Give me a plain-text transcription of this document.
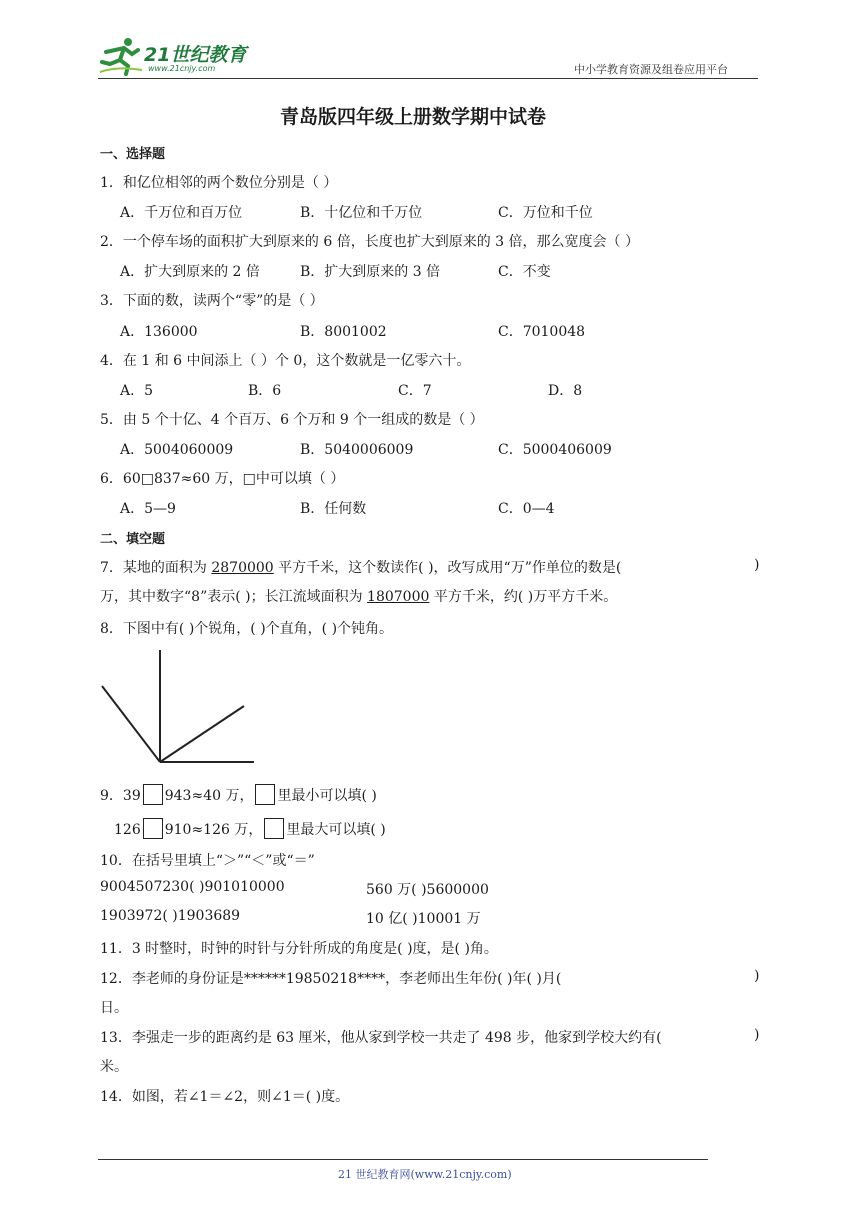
21世纪教育
www.21cnjy.com	中小学教育资源及组卷应用平台
青岛版四年级上册数学期中试卷
一、选择题
1．和亿位相邻的两个数位分别是（ ）
A．千万位和百万位	B．十亿位和千万位	C．万位和千位
2．一个停车场的面积扩大到原来的 6 倍，长度也扩大到原来的 3 倍，那么宽度会（ ）
A．扩大到原来的 2 倍	B．扩大到原来的 3 倍	C．不变
3．下面的数，读两个“零”的是（ ）
A．136000	B．8001002	C．7010048
4．在 1 和 6 中间添上（ ）个 0，这个数就是一亿零六十。
A．5	B．6	C．7	D．8
5．由 5 个十亿、4 个百万、6 个万和 9 个一组成的数是（ ）
A．5004060009	B．5040006009	C．5000406009
6．60□837≈60 万，□中可以填（ ）
A．5—9	B．任何数	C．0—4
二、填空题
7．某地的面积为 2870000 平方千米，这个数读作( )，改写成用“万”作单位的数是(	)
万，其中数字“8”表示( )；长江流域面积为 1807000 平方千米，约( )万平方千米。
8．下图中有( )个锐角，( )个直角，( )个钝角。
9．39 943≈40 万， 里最小可以填( )
126 910≈126 万， 里最大可以填( )
10．在括号里填上“＞”“＜”或“＝”
9004507230( )901010000	560 万( )5600000
1903972( )1903689	10 亿( )10001 万
11．3 时整时，时钟的时针与分针所成的角度是( )度，是( )角。
12．李老师的身份证是******19850218****，李老师出生年份( )年( )月(	)
日。
13．李强走一步的距离约是 63 厘米，他从家到学校一共走了 498 步，他家到学校大约有(	)
米。
14．如图，若∠1＝∠2，则∠1＝( )度。
21 世纪教育网(www.21cnjy.com)
